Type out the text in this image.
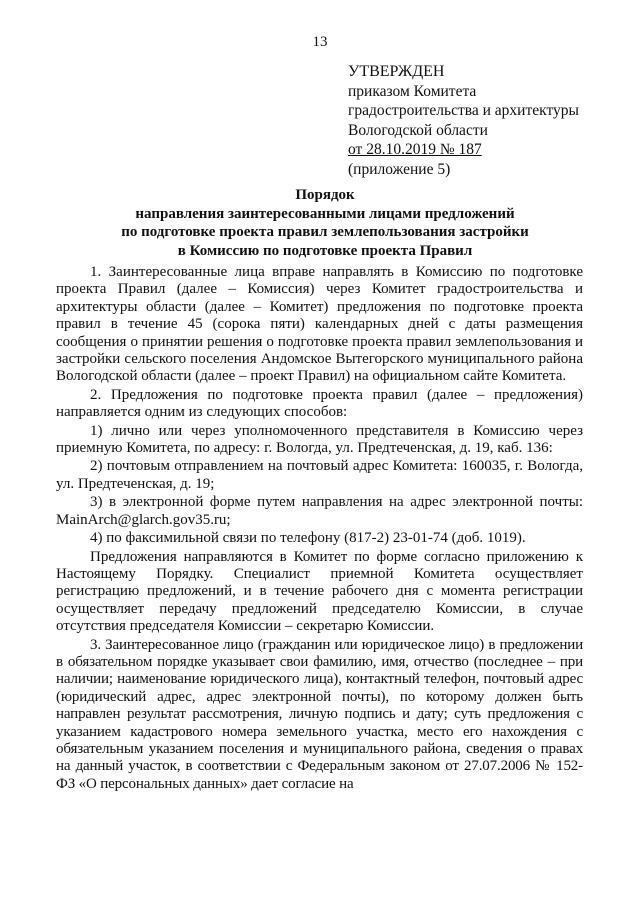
13
УТВЕРЖДЕН
приказом Комитета
градостроительства и архитектуры
Вологодской области
от 28.10.2019 № 187
(приложение 5)
Порядок
направления заинтересованными лицами предложений
по подготовке проекта правил землепользования застройки
в Комиссию по подготовке проекта Правил

1. Заинтересованные лица вправе направлять в Комиссию по подготовке проекта Правил (далее – Комиссия) через Комитет градостроительства и архитектуры области (далее – Комитет) предложения по подготовке проекта правил в течение 45 (сорока пяти) календарных дней с даты размещения сообщения о принятии решения о подготовке проекта правил землепользования и застройки сельского поселения Андомское Вытегорского муниципального района Вологодской области (далее – проект Правил) на официальном сайте Комитета.

2. Предложения по подготовке проекта правил (далее – предложения) направляется одним из следующих способов:

1) лично или через уполномоченного представителя в Комиссию через приемную Комитета, по адресу: г. Вологда, ул. Предтеченская, д. 19, каб. 136:

2) почтовым отправлением на почтовый адрес Комитета: 160035, г. Вологда, ул. Предтеченская, д. 19;

3) в электронной форме путем направления на адрес электронной почты: MainArch@glarch.gov35.ru;

4) по факсимильной связи по телефону (817-2) 23-01-74 (доб. 1019).

Предложения направляются в Комитет по форме согласно приложению к Настоящему Порядку. Специалист приемной Комитета осуществляет регистрацию предложений, и в течение рабочего дня с момента регистрации осуществляет передачу предложений председателю Комиссии, в случае отсутствия председателя Комиссии – секретарю Комиссии.

3. Заинтересованное лицо (гражданин или юридическое лицо) в предложении в обязательном порядке указывает свои фамилию, имя, отчество (последнее – при наличии; наименование юридического лица), контактный телефон, почтовый адрес (юридический адрес, адрес электронной почты), по которому должен быть направлен результат рассмотрения, личную подпись и дату; суть предложения с указанием кадастрового номера земельного участка, место его нахождения с обязательным указанием поселения и муниципального района, сведения о правах на данный участок, в соответствии с Федеральным законом от 27.07.2006 № 152-ФЗ «О персональных данных» дает согласие на
